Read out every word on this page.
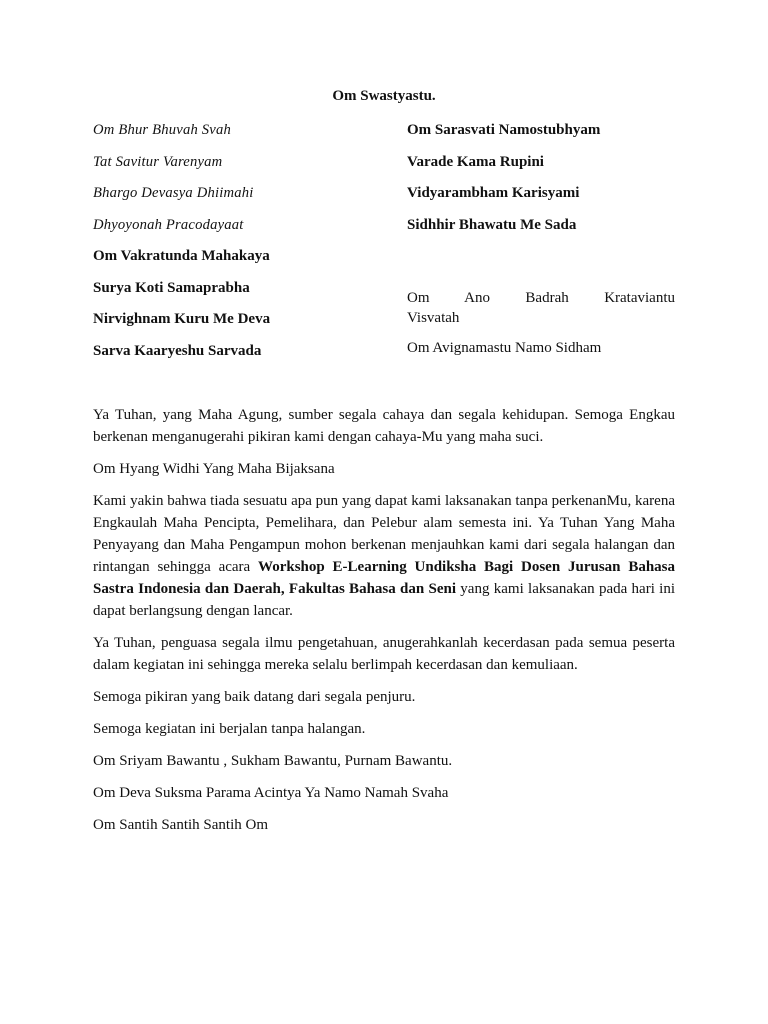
Om Swastyastu.
Om Bhur Bhuvah Svah
Tat Savitur Varenyam
Bhargo Devasya Dhiimahi
Dhyoyonah Pracodayaat
Om Vakratunda Mahakaya
Surya Koti Samaprabha
Nirvighnam Kuru Me Deva
Sarva Kaaryeshu Sarvada
Om Sarasvati Namostubhyam
Varade Kama Rupini
Vidyarambham Karisyami
Sidhhir Bhawatu Me Sada
Om Ano Badrah Krataviantu
Visvatah
Om Avignamastu Namo Sidham

Ya Tuhan, yang Maha Agung, sumber segala cahaya dan segala kehidupan. Semoga Engkau berkenan menganugerahi pikiran kami dengan cahaya-Mu yang maha suci.

Om Hyang Widhi Yang Maha Bijaksana

Kami yakin bahwa tiada sesuatu apa pun yang dapat kami laksanakan tanpa perkenanMu, karena Engkaulah Maha Pencipta, Pemelihara, dan Pelebur alam semesta ini. Ya Tuhan Yang Maha Penyayang dan Maha Pengampun mohon berkenan menjauhkan kami dari segala halangan dan rintangan sehingga acara Workshop E-Learning Undiksha Bagi Dosen Jurusan Bahasa Sastra Indonesia dan Daerah, Fakultas Bahasa dan Seni yang kami laksanakan pada hari ini dapat berlangsung dengan lancar.

Ya Tuhan, penguasa segala ilmu pengetahuan, anugerahkanlah kecerdasan pada semua peserta dalam kegiatan ini sehingga mereka selalu berlimpah kecerdasan dan kemuliaan.

Semoga pikiran yang baik datang dari segala penjuru.

Semoga kegiatan ini berjalan tanpa halangan.

Om Sriyam Bawantu , Sukham Bawantu, Purnam Bawantu.

Om Deva Suksma Parama Acintya Ya Namo Namah Svaha

Om Santih Santih Santih Om
